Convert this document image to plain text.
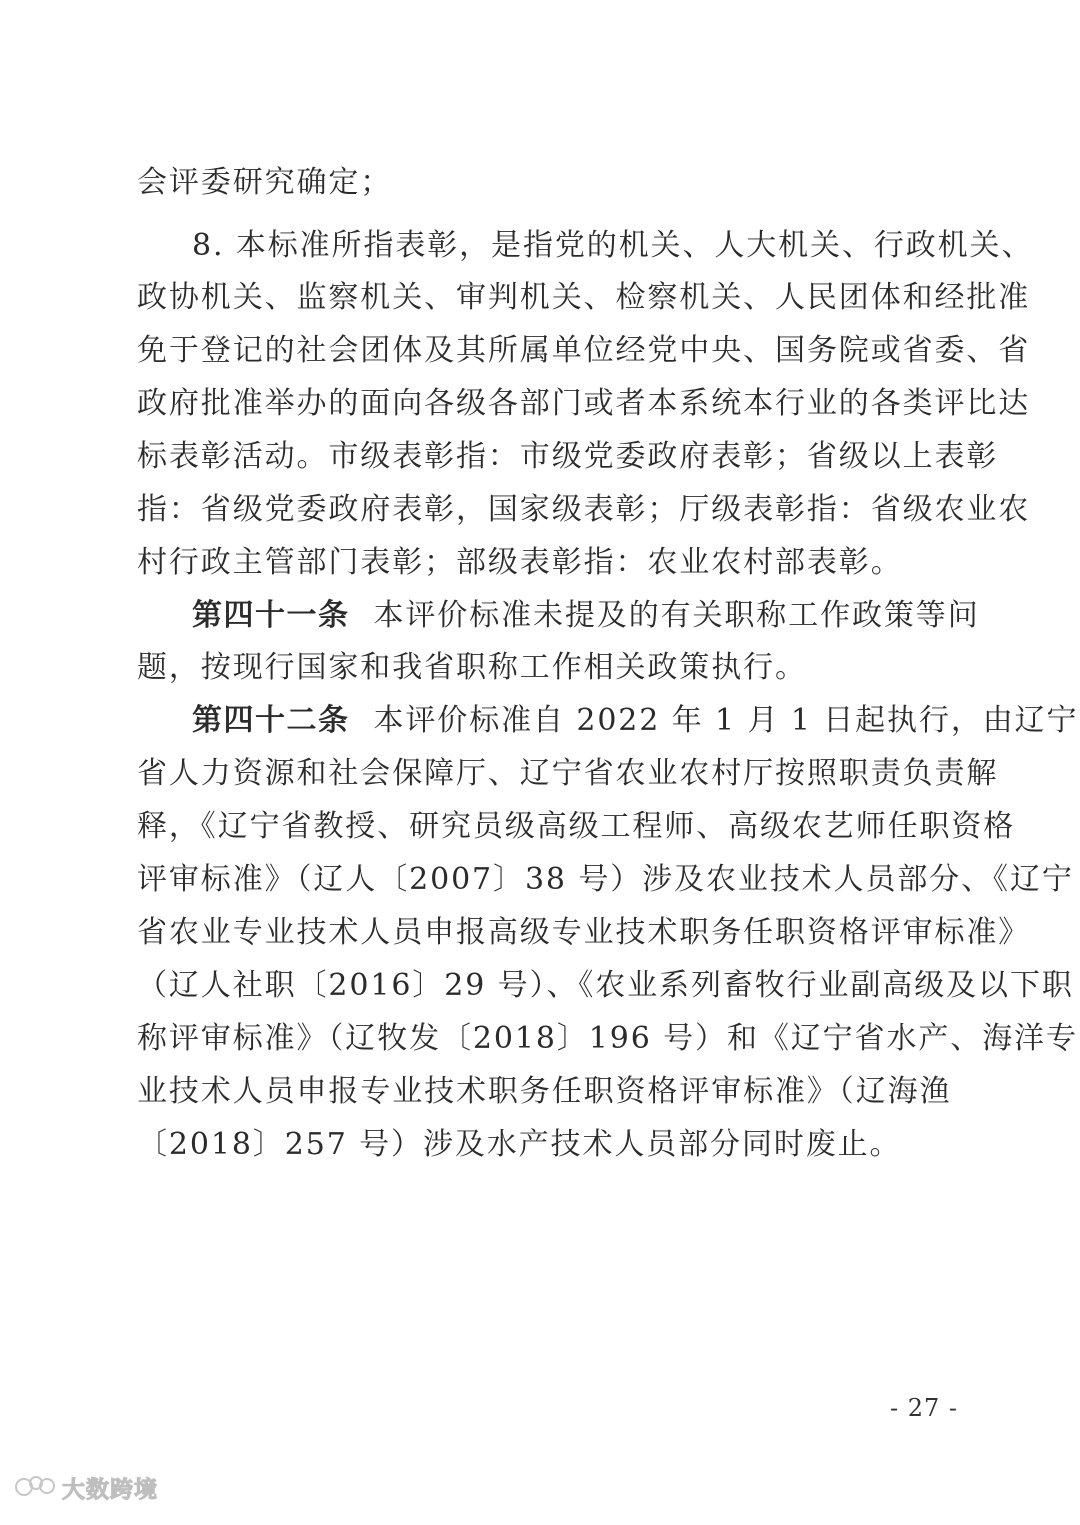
会评委研究确定；
8. 本标准所指表彰，是指党的机关、人大机关、行政机关、
政协机关、监察机关、审判机关、检察机关、人民团体和经批准
免于登记的社会团体及其所属单位经党中央、国务院或省委、省
政府批准举办的面向各级各部门或者本系统本行业的各类评比达
标表彰活动。市级表彰指：市级党委政府表彰；省级以上表彰
指：省级党委政府表彰，国家级表彰；厅级表彰指：省级农业农
村行政主管部门表彰；部级表彰指：农业农村部表彰。
第四十一条 本评价标准未提及的有关职称工作政策等问
题，按现行国家和我省职称工作相关政策执行。
第四十二条 本评价标准自 2022 年 1 月 1 日起执行，由辽宁
省人力资源和社会保障厅、辽宁省农业农村厅按照职责负责解
释，《辽宁省教授、研究员级高级工程师、高级农艺师任职资格
评审标准》（辽人〔2007〕38 号）涉及农业技术人员部分、《辽宁
省农业专业技术人员申报高级专业技术职务任职资格评审标准》
（辽人社职〔2016〕29 号）、《农业系列畜牧行业副高级及以下职
称评审标准》（辽牧发〔2018〕196 号）和《辽宁省水产、海洋专
业技术人员申报专业技术职务任职资格评审标准》（辽海渔
〔2018〕257 号）涉及水产技术人员部分同时废止。
- 27 -
大数跨境
